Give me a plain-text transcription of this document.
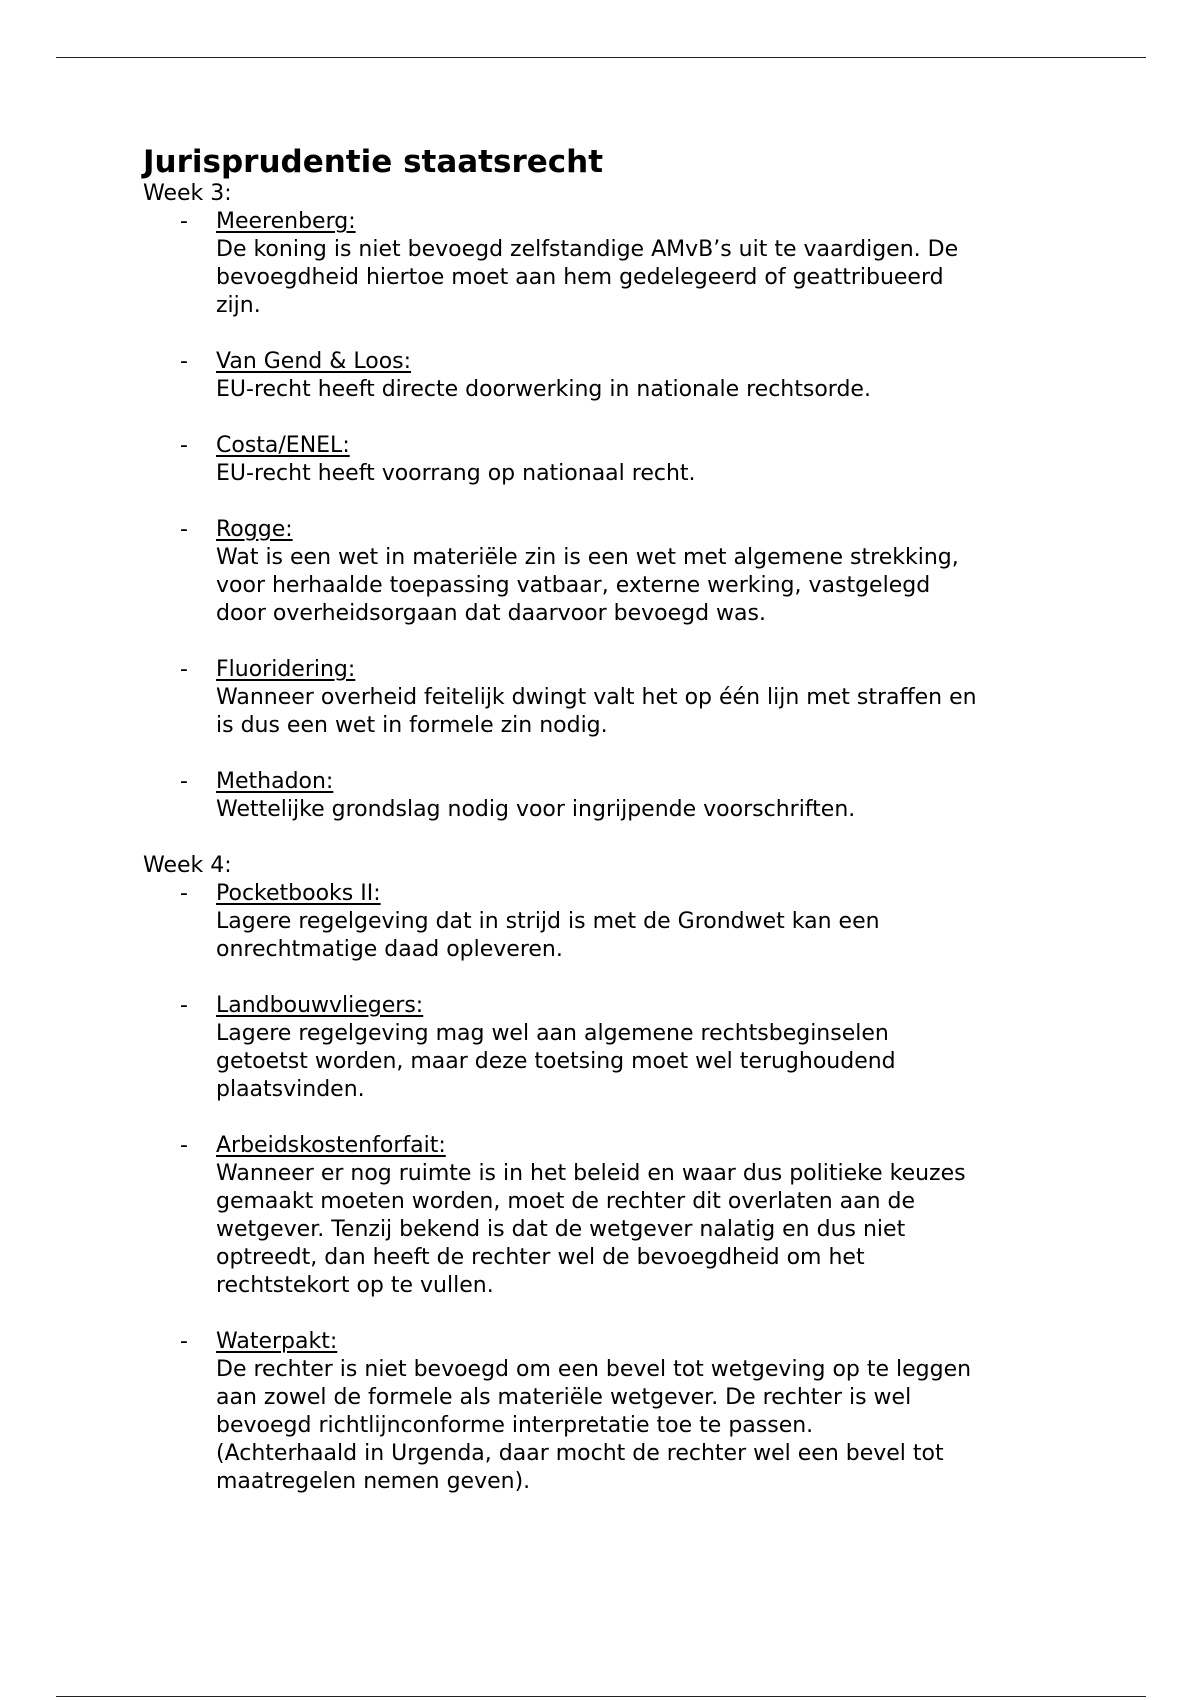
Jurisprudentie staatsrecht
Week 3:
- Meerenberg:
De koning is niet bevoegd zelfstandige AMvB’s uit te vaardigen. De
bevoegdheid hiertoe moet aan hem gedelegeerd of geattribueerd
zijn.
- Van Gend & Loos:
EU-recht heeft directe doorwerking in nationale rechtsorde.
- Costa/ENEL:
EU-recht heeft voorrang op nationaal recht.
- Rogge:
Wat is een wet in materiële zin is een wet met algemene strekking,
voor herhaalde toepassing vatbaar, externe werking, vastgelegd
door overheidsorgaan dat daarvoor bevoegd was.
- Fluoridering:
Wanneer overheid feitelijk dwingt valt het op één lijn met straffen en
is dus een wet in formele zin nodig.
- Methadon:
Wettelijke grondslag nodig voor ingrijpende voorschriften.
Week 4:
- Pocketbooks II:
Lagere regelgeving dat in strijd is met de Grondwet kan een
onrechtmatige daad opleveren.
- Landbouwvliegers:
Lagere regelgeving mag wel aan algemene rechtsbeginselen
getoetst worden, maar deze toetsing moet wel terughoudend
plaatsvinden.
- Arbeidskostenforfait:
Wanneer er nog ruimte is in het beleid en waar dus politieke keuzes
gemaakt moeten worden, moet de rechter dit overlaten aan de
wetgever. Tenzij bekend is dat de wetgever nalatig en dus niet
optreedt, dan heeft de rechter wel de bevoegdheid om het
rechtstekort op te vullen.
- Waterpakt:
De rechter is niet bevoegd om een bevel tot wetgeving op te leggen
aan zowel de formele als materiële wetgever. De rechter is wel
bevoegd richtlijnconforme interpretatie toe te passen.
(Achterhaald in Urgenda, daar mocht de rechter wel een bevel tot
maatregelen nemen geven).
